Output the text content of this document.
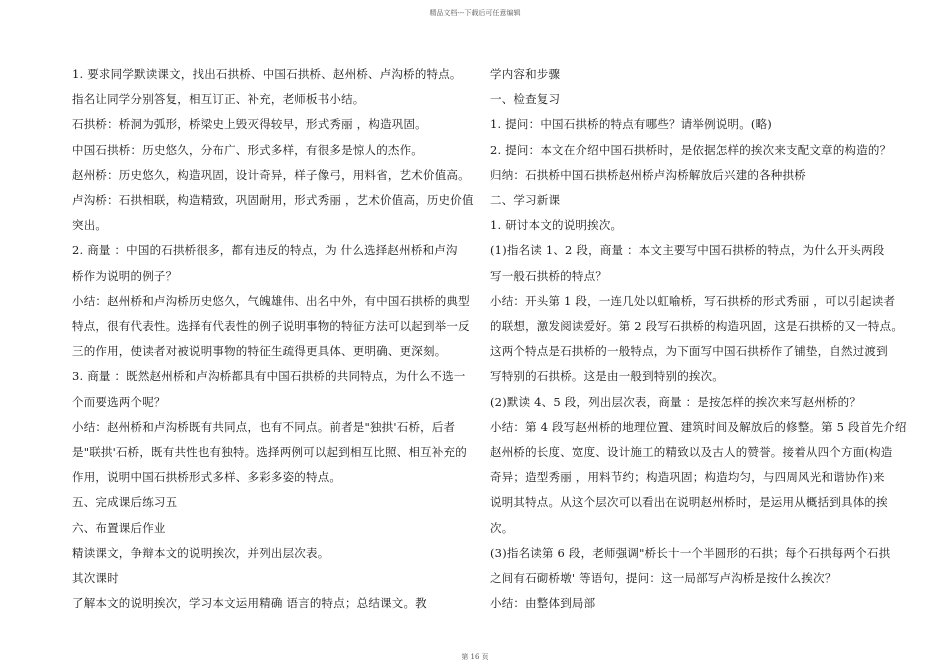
精品文档---下载后可任意编辑
1. 要求同学默读课文，找出石拱桥、中国石拱桥、赵州桥、卢沟桥的特点。
指名让同学分别答复，相互订正、补充，老师板书小结。
石拱桥：桥洞为弧形，桥梁史上毁灭得较早，形式秀丽 ，构造巩固。
中国石拱桥：历史悠久，分布广、形式多样，有很多是惊人的杰作。
赵州桥：历史悠久，构造巩固，设计奇异，样子像弓，用料省，艺术价值高。
卢沟桥：石拱相联，构造精致，巩固耐用，形式秀丽 ，艺术价值高，历史价值
突出。
2. 商量 ：中国的石拱桥很多，都有违反的特点，为 什么选择赵州桥和卢沟
桥作为说明的例子？
小结：赵州桥和卢沟桥历史悠久，气魄雄伟、出名中外，有中国石拱桥的典型
特点，很有代表性。选择有代表性的例子说明事物的特征方法可以起到举一反
三的作用，使读者对被说明事物的特征生疏得更具体、更明确、更深刻。
3. 商量 ：既然赵州桥和卢沟桥都具有中国石拱桥的共同特点，为什么不选一
个而要选两个呢？
小结：赵州桥和卢沟桥既有共同点，也有不同点。前者是"独拱'石桥，后者
是"联拱'石桥，既有共性也有独特。选择两例可以起到相互比照、相互补充的
作用，说明中国石拱桥形式多样、多彩多姿的特点。
五、完成课后练习五
六、布置课后作业
精读课文，争辩本文的说明挨次，并列出层次表。
其次课时
了解本文的说明挨次，学习本文运用精确 语言的特点；总结课文。教
学内容和步骤
一、检查复习
1. 提问：中国石拱桥的特点有哪些？请举例说明。(略)
2. 提问：本文在介绍中国石拱桥时，是依据怎样的挨次来支配文章的构造的？
归纳：石拱桥中国石拱桥赵州桥卢沟桥解放后兴建的各种拱桥
二、学习新课
1. 研讨本文的说明挨次。
(1)指名读 1、2 段，商量 ：本文主要写中国石拱桥的特点，为什么开头两段
写一般石拱桥的特点？
小结：开头第 1 段，一连几处以虹喻桥，写石拱桥的形式秀丽 ，可以引起读者
的联想，激发阅读爱好。第 2 段写石拱桥的构造巩固，这是石拱桥的又一特点。
这两个特点是石拱桥的一般特点，为下面写中国石拱桥作了铺垫，自然过渡到
写特别的石拱桥。这是由一般到特别的挨次。
(2)默读 4、5 段，列出层次表，商量 ：是按怎样的挨次来写赵州桥的？
小结：第 4 段写赵州桥的地理位置、建筑时间及解放后的修整。第 5 段首先介绍
赵州桥的长度、宽度、设计施工的精致以及古人的赞誉。接着从四个方面(构造
奇异；造型秀丽 ，用料节约；构造巩固；构造均匀，与四周风光和谐协作)来
说明其特点。从这个层次可以看出在说明赵州桥时，是运用从概括到具体的挨
次。
(3)指名读第 6 段，老师强调"桥长十一个半圆形的石拱；每个石拱每两个石拱
之间有石砌桥墩' 等语句，提问：这一局部写卢沟桥是按什么挨次？
小结：由整体到局部
第 16 页
